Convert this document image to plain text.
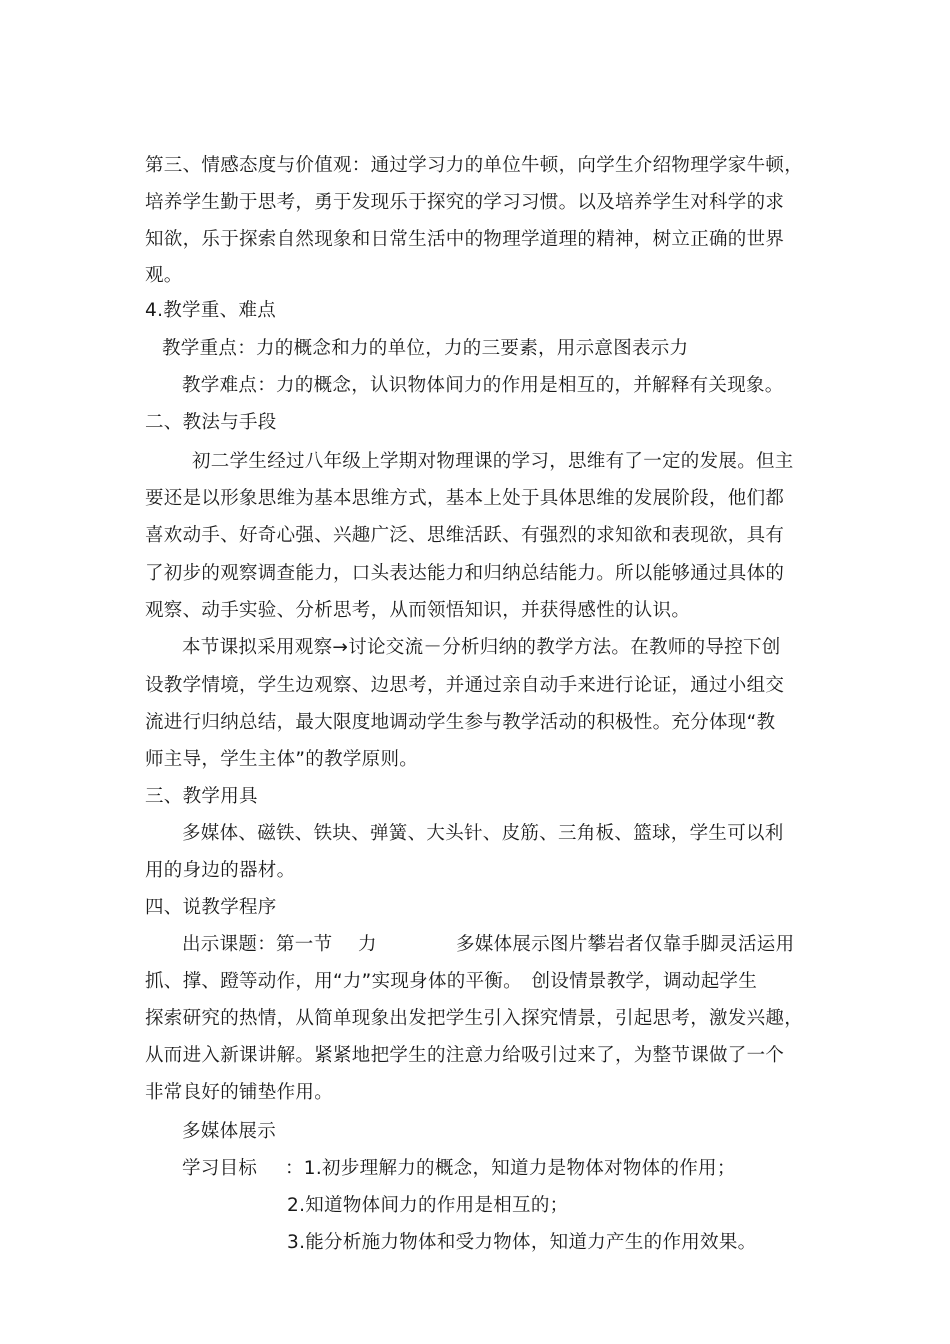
第三、情感态度与价值观：通过学习力的单位牛顿，向学生介绍物理学家牛顿，
培养学生勤于思考，勇于发现乐于探究的学习习惯。以及培养学生对科学的求
知欲，乐于探索自然现象和日常生活中的物理学道理的精神，树立正确的世界
观。
4.教学重、难点
教学重点：力的概念和力的单位，力的三要素，用示意图表示力
教学难点：力的概念，认识物体间力的作用是相互的，并解释有关现象。
二、教法与手段
初二学生经过八年级上学期对物理课的学习，思维有了一定的发展。但主
要还是以形象思维为基本思维方式，基本上处于具体思维的发展阶段，他们都
喜欢动手、好奇心强、兴趣广泛、思维活跃、有强烈的求知欲和表现欲，具有
了初步的观察调查能力，口头表达能力和归纳总结能力。所以能够通过具体的
观察、动手实验、分析思考，从而领悟知识，并获得感性的认识。
本节课拟采用观察→讨论交流－分析归纳的教学方法。在教师的导控下创
设教学情境，学生边观察、边思考，并通过亲自动手来进行论证，通过小组交
流进行归纳总结，最大限度地调动学生参与教学活动的积极性。充分体现“教
师主导，学生主体”的教学原则。
三、教学用具
多媒体、磁铁、铁块、弹簧、大头针、皮筋、三角板、篮球，学生可以利
用的身边的器材。
四、说教学程序
出示课题：第一节 力	多媒体展示图片攀岩者仅靠手脚灵活运用
抓、撑、蹬等动作，用“力”实现身体的平衡。　创设情景教学，调动起学生
探索研究的热情，从简单现象出发把学生引入探究情景，引起思考，激发兴趣，
从而进入新课讲解。紧紧地把学生的注意力给吸引过来了，为整节课做了一个
非常良好的铺垫作用。
多媒体展示
学习目标 ：1.初步理解力的概念，知道力是物体对物体的作用；
2.知道物体间力的作用是相互的；
3.能分析施力物体和受力物体，知道力产生的作用效果。
